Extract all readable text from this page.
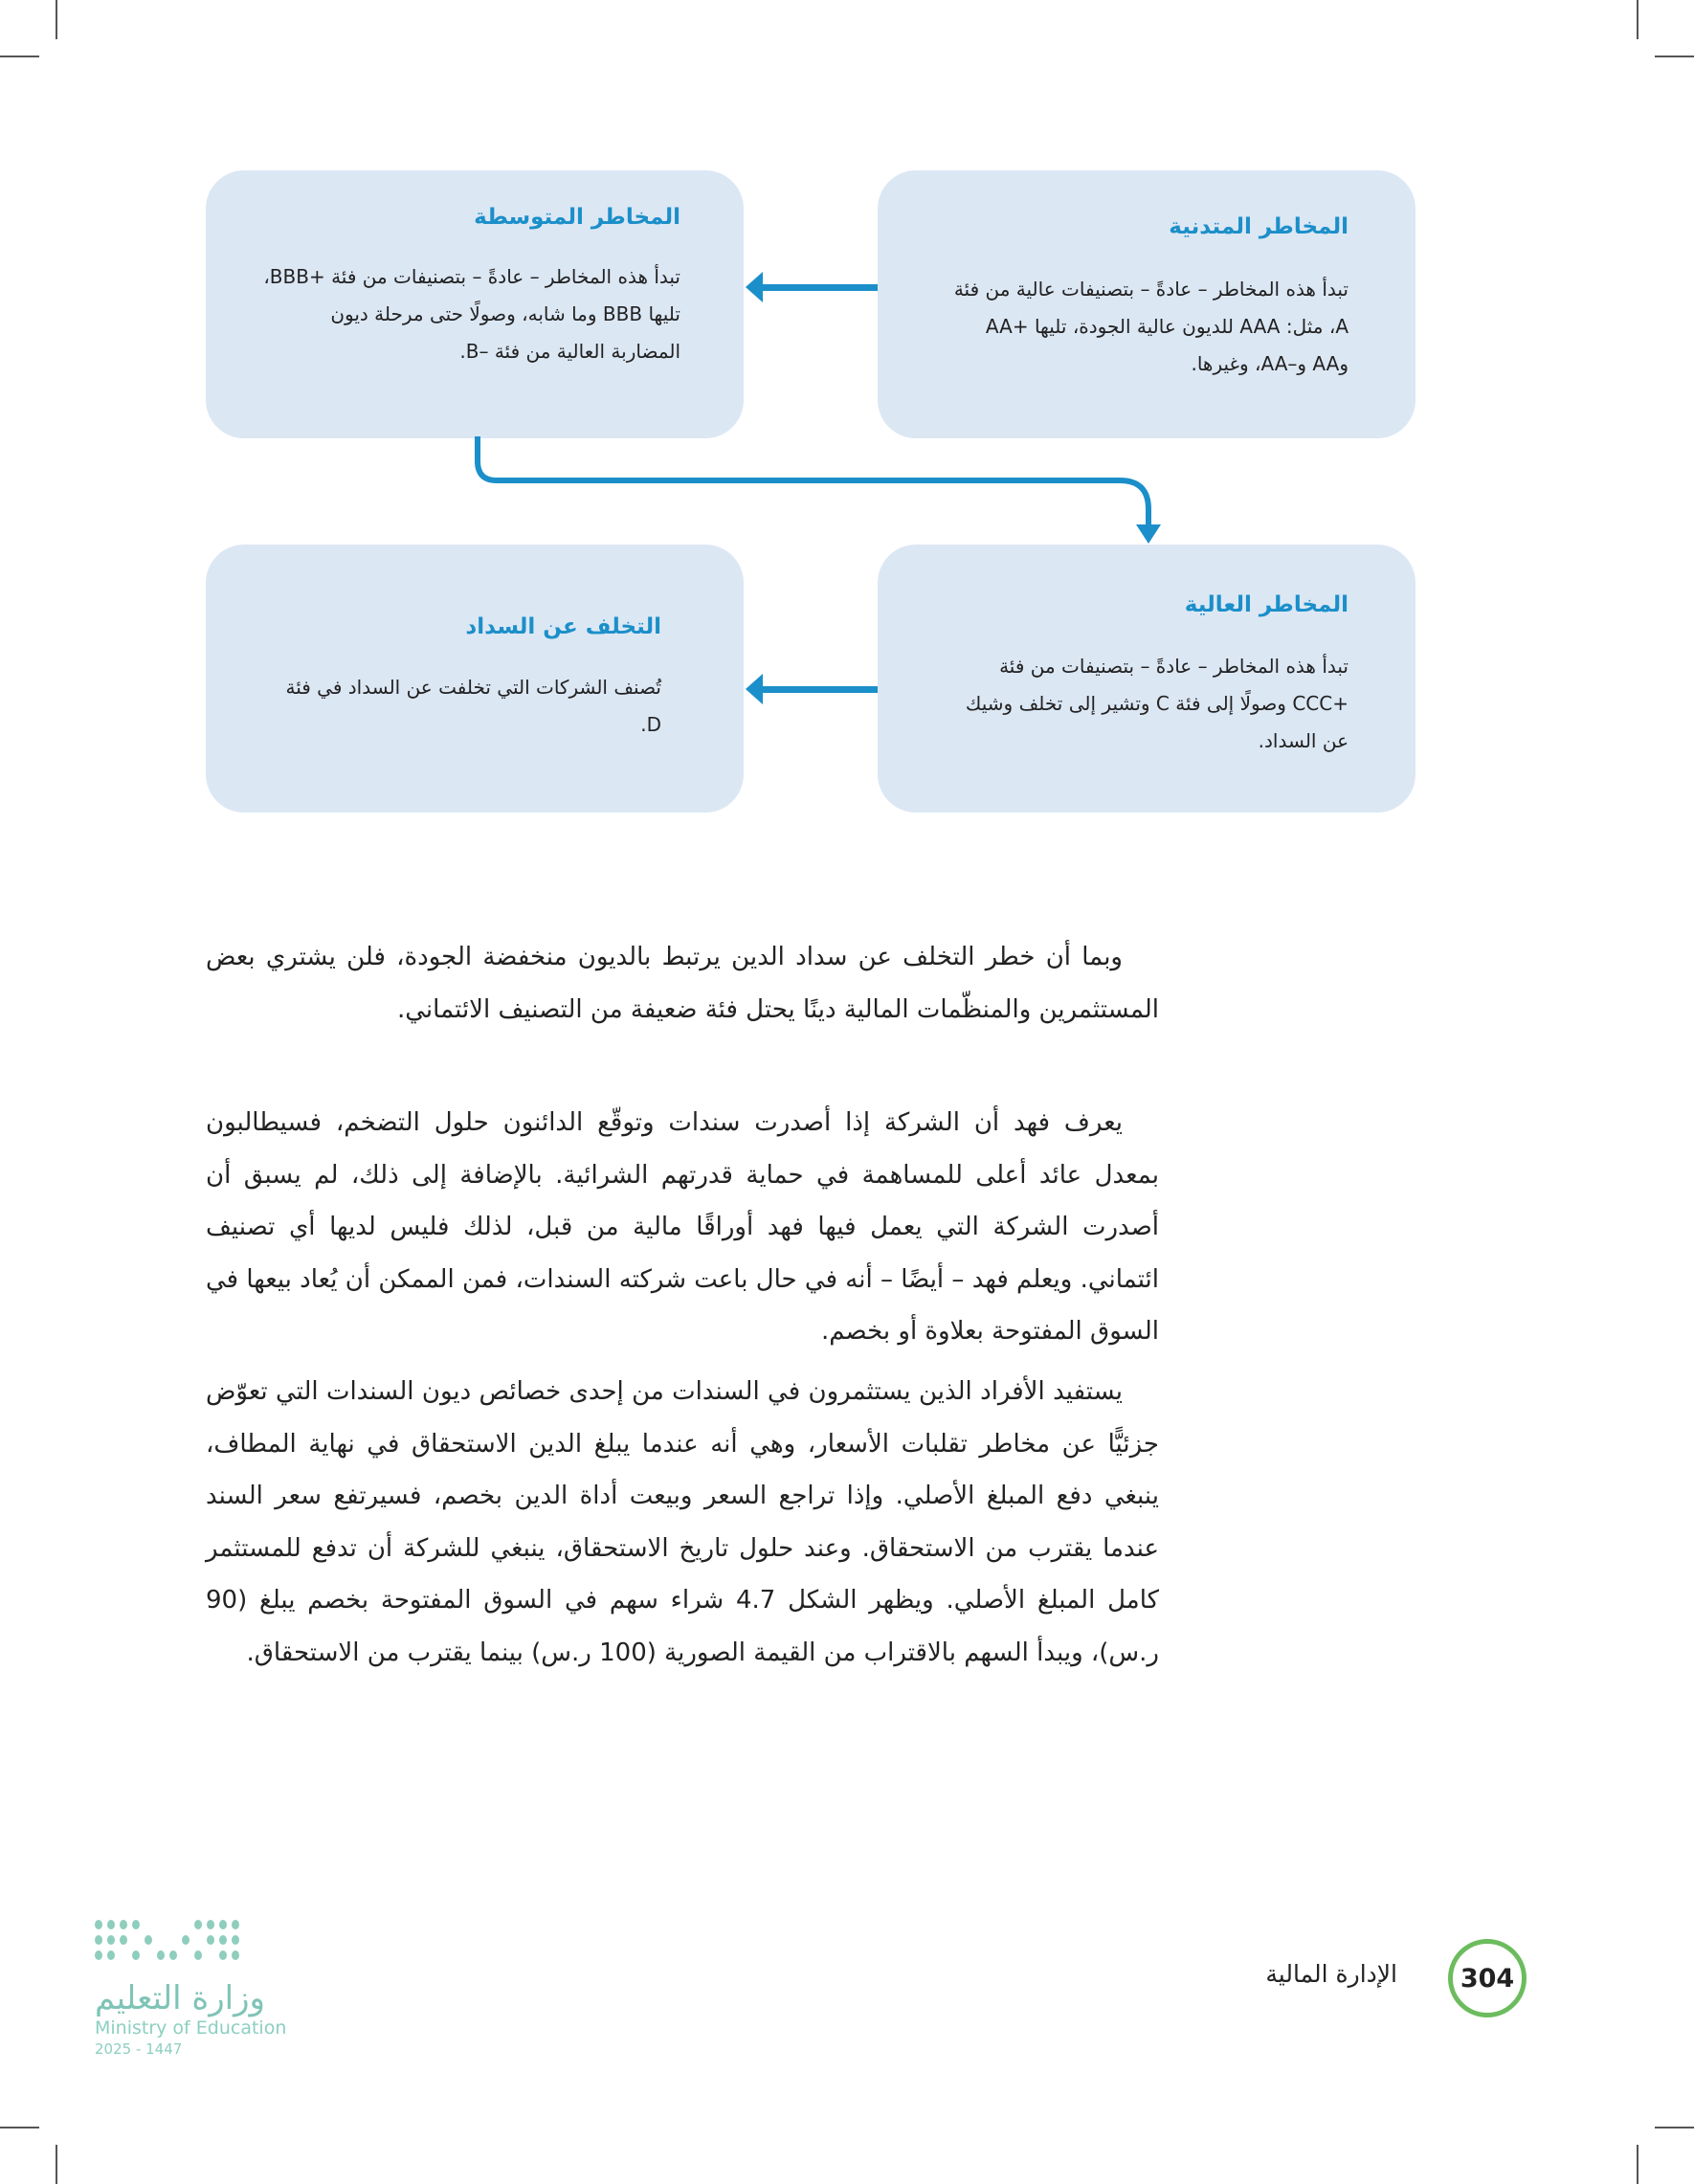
المخاطر المتدنية

تبدأ هذه المخاطر – عادةً – بتصنيفات عالية من فئة A، مثل: AAA للديون عالية الجودة، تليها +AA وAA و–AA، وغيرها.

المخاطر المتوسطة

تبدأ هذه المخاطر – عادةً – بتصنيفات من فئة +BBB، تليها BBB وما شابه، وصولًا حتى مرحلة ديون المضاربة العالية من فئة –B.

المخاطر العالية

تبدأ هذه المخاطر – عادةً – بتصنيفات من فئة +CCC وصولًا إلى فئة C وتشير إلى تخلف وشيك عن السداد.

التخلف عن السداد

تُصنف الشركات التي تخلفت عن السداد في فئة D.

وبما أن خطر التخلف عن سداد الدين يرتبط بالديون منخفضة الجودة، فلن يشتري بعض المستثمرين والمنظّمات المالية دينًا يحتل فئة ضعيفة من التصنيف الائتماني.

يعرف فهد أن الشركة إذا أصدرت سندات وتوقّع الدائنون حلول التضخم، فسيطالبون بمعدل عائد أعلى للمساهمة في حماية قدرتهم الشرائية. بالإضافة إلى ذلك، لم يسبق أن أصدرت الشركة التي يعمل فيها فهد أوراقًا مالية من قبل، لذلك فليس لديها أي تصنيف ائتماني. ويعلم فهد – أيضًا – أنه في حال باعت شركته السندات، فمن الممكن أن يُعاد بيعها في السوق المفتوحة بعلاوة أو بخصم.

يستفيد الأفراد الذين يستثمرون في السندات من إحدى خصائص ديون السندات التي تعوّض جزئيًّا عن مخاطر تقلبات الأسعار، وهي أنه عندما يبلغ الدين الاستحقاق في نهاية المطاف، ينبغي دفع المبلغ الأصلي. وإذا تراجع السعر وبيعت أداة الدين بخصم، فسيرتفع سعر السند عندما يقترب من الاستحقاق. وعند حلول تاريخ الاستحقاق، ينبغي للشركة أن تدفع للمستثمر كامل المبلغ الأصلي. ويظهر الشكل 4.7 شراء سهم في السوق المفتوحة بخصم يبلغ (90 ر.س)، ويبدأ السهم بالاقتراب من القيمة الصورية (100 ر.س) بينما يقترب من الاستحقاق.

304
الإدارة المالية
وزارة التعليم
Ministry of Education
2025 - 1447
